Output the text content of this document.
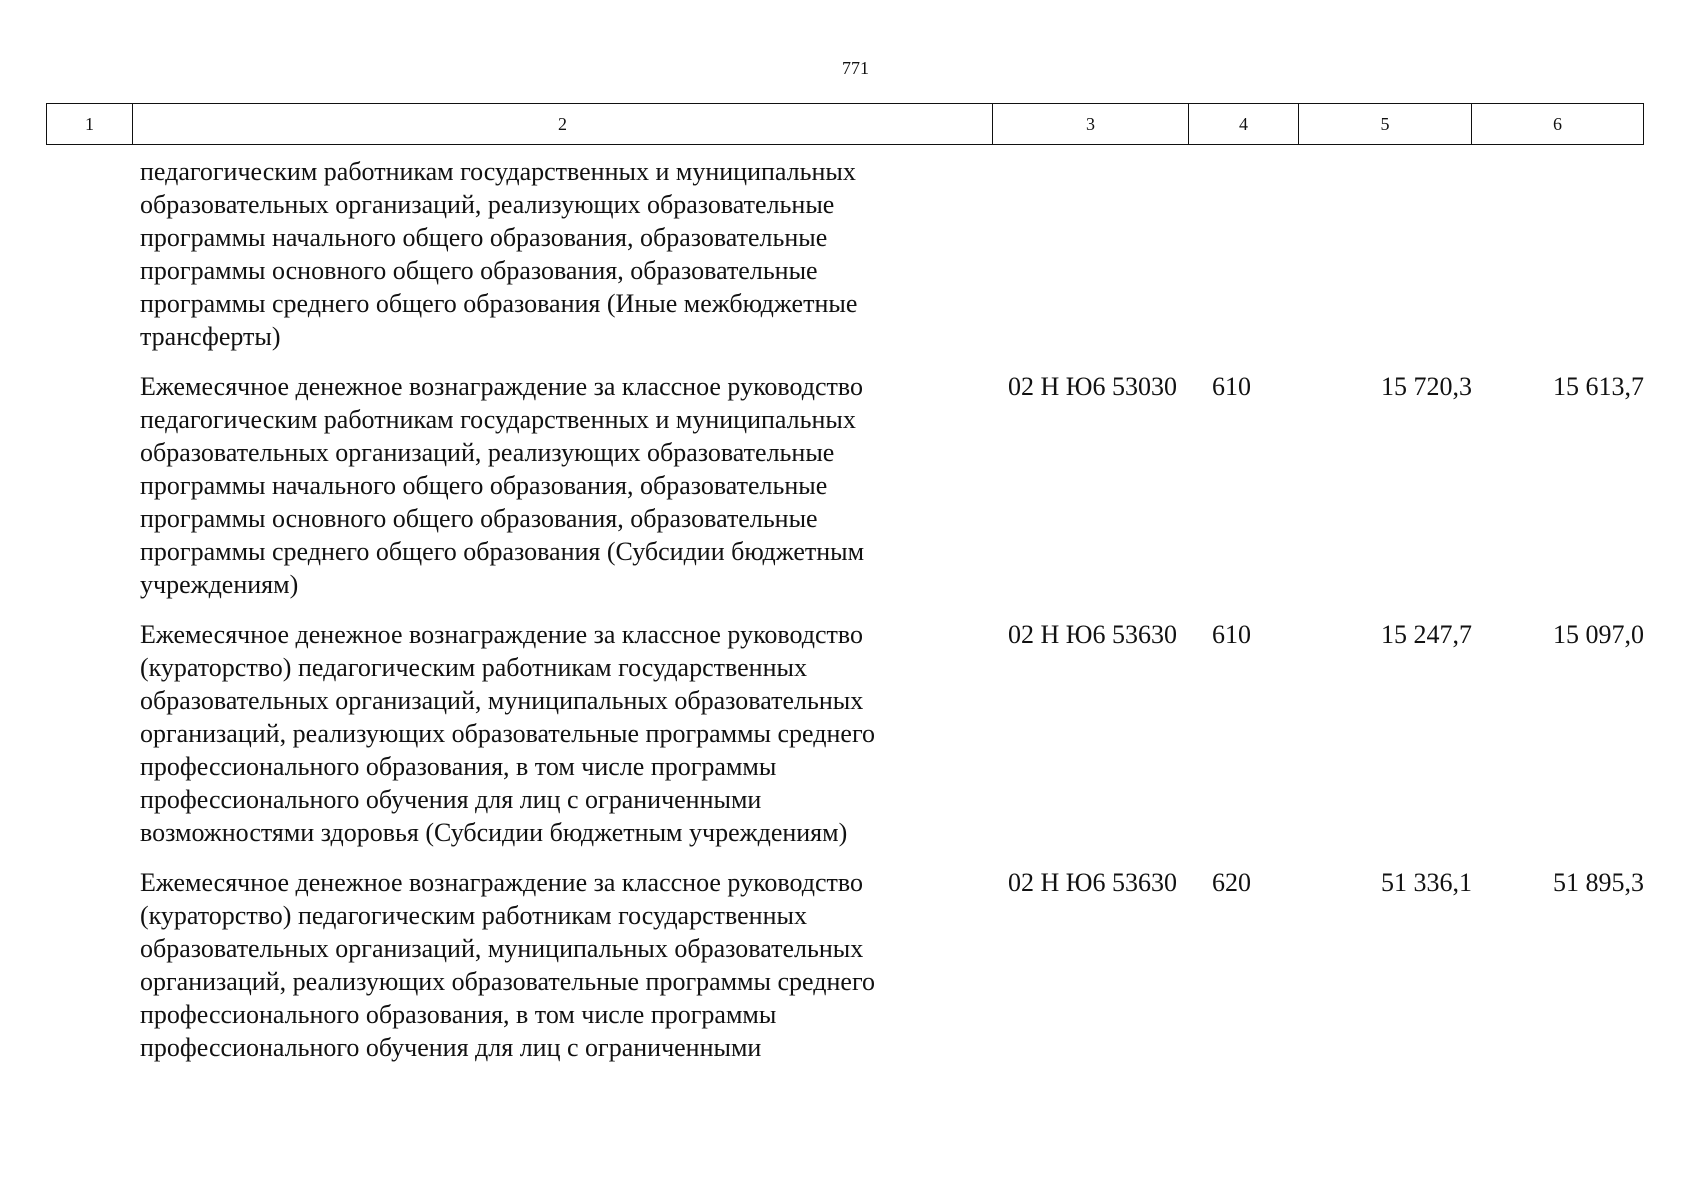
771
1	2	3	4	5	6
педагогическим работникам государственных и муниципальных
образовательных организаций, реализующих образовательные
программы начального общего образования, образовательные
программы основного общего образования, образовательные
программы среднего общего образования (Иные межбюджетные
трансферты)
Ежемесячное денежное вознаграждение за классное руководство
педагогическим работникам государственных и муниципальных
образовательных организаций, реализующих образовательные
программы начального общего образования, образовательные
программы основного общего образования, образовательные
программы среднего общего образования (Субсидии бюджетным
учреждениям)
02 Н Ю6 53030	610	15 720,3	15 613,7
Ежемесячное денежное вознаграждение за классное руководство
(кураторство) педагогическим работникам государственных
образовательных организаций, муниципальных образовательных
организаций, реализующих образовательные программы среднего
профессионального образования, в том числе программы
профессионального обучения для лиц с ограниченными
возможностями здоровья (Субсидии бюджетным учреждениям)
02 Н Ю6 53630	610	15 247,7	15 097,0
Ежемесячное денежное вознаграждение за классное руководство
(кураторство) педагогическим работникам государственных
образовательных организаций, муниципальных образовательных
организаций, реализующих образовательные программы среднего
профессионального образования, в том числе программы
профессионального обучения для лиц с ограниченными
02 Н Ю6 53630	620	51 336,1	51 895,3
